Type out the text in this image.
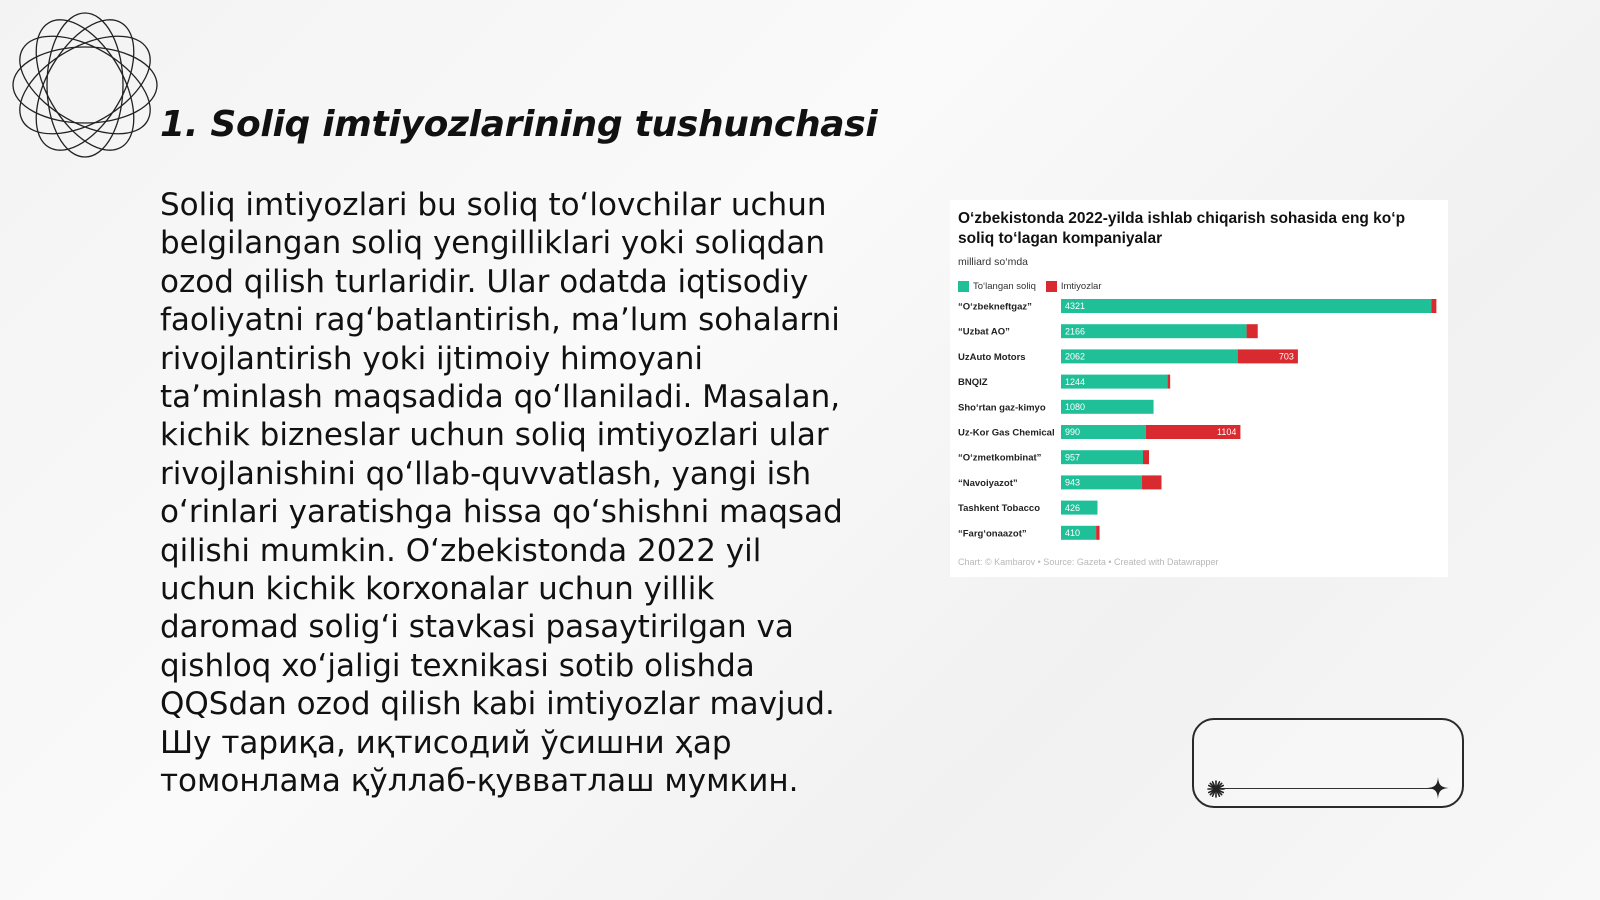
1. Soliq imtiyozlarining tushunchasi

Soliq imtiyozlari bu soliq to‘lovchilar uchun belgilangan soliq yengilliklari yoki soliqdan ozod qilish turlaridir. Ular odatda iqtisodiy faoliyatni rag‘batlantirish, ma’lum sohalarni rivojlantirish yoki ijtimoiy himoyani ta’minlash maqsadida qo‘llaniladi. Masalan, kichik bizneslar uchun soliq imtiyozlari ular rivojlanishini qo‘llab-quvvatlash, yangi ish o‘rinlari yaratishga hissa qo‘shishni maqsad qilishi mumkin. O‘zbekistonda 2022 yil uchun kichik korxonalar uchun yillik daromad solig‘i stavkasi pasaytirilgan va qishloq xo‘jaligi texnikasi sotib olishda QQSdan ozod qilish kabi imtiyozlar mavjud. Шу тариқа, иқтисодий ўсишни ҳар томонлама қўллаб-қувватлаш мумкин.

O‘zbekistonda 2022-yilda ishlab chiqarish sohasida eng ko‘p soliq to‘lagan kompaniyalar

milliard so‘mda

To‘langan soliq	Imtiyozlar
“O‘zbekneftgaz”	4321
“Uzbat AO”	2166
UzAuto Motors	2062	703
BNQIZ	1244
Sho‘rtan gaz-kimyo 1080
Uz-Kor Gas Chemical 990	1104
“O‘zmetkombinat”	957
“Navoiyazot”	943
Tashkent Tobacco	426
“Farg‘onaazot”	410

Chart: © Kambarov • Source: Gazeta • Created with Datawrapper
